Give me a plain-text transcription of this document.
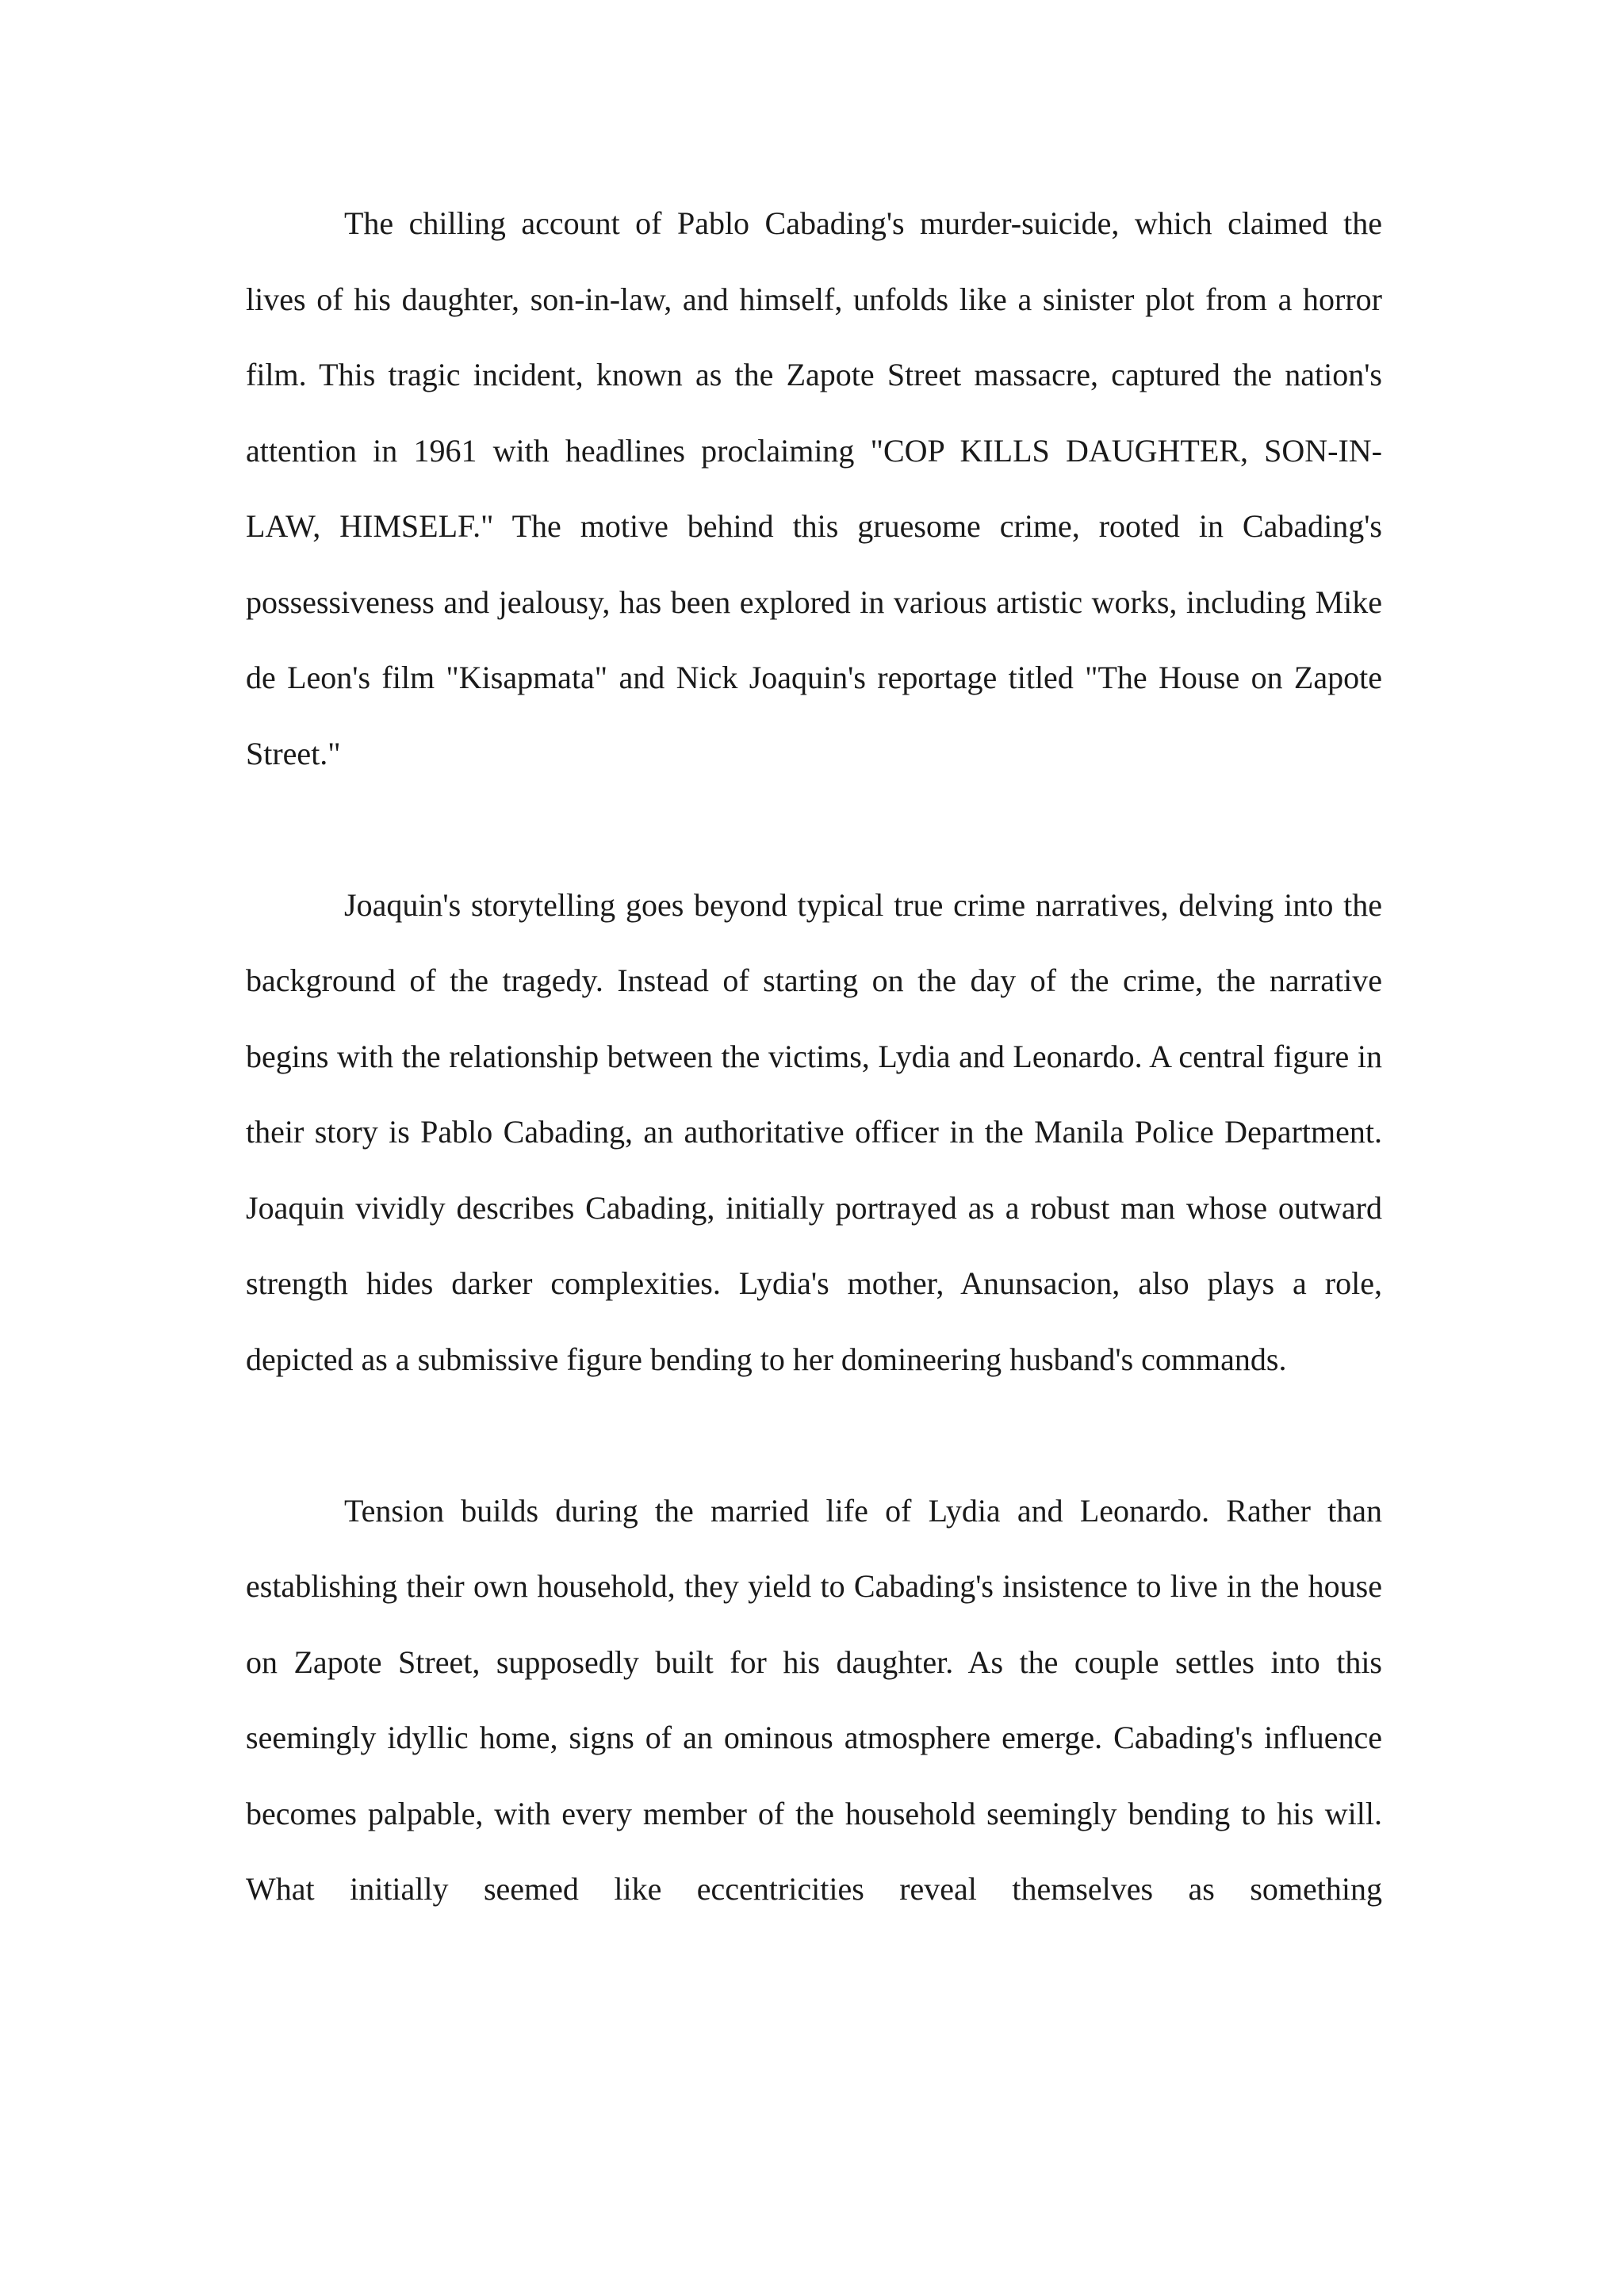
The chilling account of Pablo Cabading's murder-suicide, which claimed the lives of his daughter, son-in-law, and himself, unfolds like a sinister plot from a horror film. This tragic incident, known as the Zapote Street massacre, captured the nation's attention in 1961 with headlines proclaiming "COP KILLS DAUGHTER, SON-IN-LAW, HIMSELF." The motive behind this gruesome crime, rooted in Cabading's possessiveness and jealousy, has been explored in various artistic works, including Mike de Leon's film "Kisapmata" and Nick Joaquin's reportage titled "The House on Zapote Street."

Joaquin's storytelling goes beyond typical true crime narratives, delving into the background of the tragedy. Instead of starting on the day of the crime, the narrative begins with the relationship between the victims, Lydia and Leonardo. A central figure in their story is Pablo Cabading, an authoritative officer in the Manila Police Department. Joaquin vividly describes Cabading, initially portrayed as a robust man whose outward strength hides darker complexities. Lydia's mother, Anunsacion, also plays a role, depicted as a submissive figure bending to her domineering husband's commands.

Tension builds during the married life of Lydia and Leonardo. Rather than establishing their own household, they yield to Cabading's insistence to live in the house on Zapote Street, supposedly built for his daughter. As the couple settles into this seemingly idyllic home, signs of an ominous atmosphere emerge. Cabading's influence becomes palpable, with every member of the household seemingly bending to his will. What initially seemed like eccentricities reveal themselves as something
